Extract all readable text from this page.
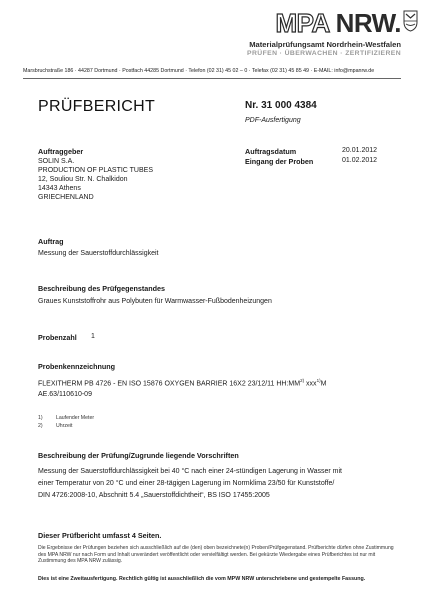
MPA NRW.
Materialprüfungsamt Nordrhein-Westfalen
PRÜFEN · ÜBERWACHEN · ZERTIFIZIEREN
Marsbruchstraße 186 · 44287 Dortmund · Postfach 44285 Dortmund · Telefon (02 31) 45 02 – 0 · Telefax (02 31) 45 85 49 · E-MAIL: info@mpanrw.de
PRÜFBERICHT	Nr. 31 000 4384
PDF-Ausfertigung
Auftraggeber
SOLIN S.A.
PRODUCTION OF PLASTIC TUBES
12, Souliou Str. N. Chalkidon
14343 Athens
GRIECHENLAND
Auftragsdatum	20.01.2012
Eingang der Proben	01.02.2012
Auftrag
Messung der Sauerstoffdurchlässigkeit
Beschreibung des Prüfgegenstandes
Graues Kunststoffrohr aus Polybuten für Warmwasser-Fußbodenheizungen
Probenzahl 1
Probenkennzeichnung
FLEXITHERM PB 4726 - EN ISO 15876 OXYGEN BARRIER 16X2 23/12/11 HH:MM$^{2)}$ xxx$^{1)}$M
AE.63/110610-09
1)	Laufender Meter
2)	Uhrzeit
Beschreibung der Prüfung/Zugrunde liegende Vorschriften
Messung der Sauerstoffdurchlässigkeit bei 40 °C nach einer 24-stündigen Lagerung in Wasser mit
einer Temperatur von 20 °C und einer 28-tägigen Lagerung im Normklima 23/50 für Kunststoffe/
DIN 4726:2008-10, Abschnitt 5.4 „Sauerstoffdichtheit“, BS ISO 17455:2005
Dieser Prüfbericht umfasst 4 Seiten.
Die Ergebnisse der Prüfungen beziehen sich ausschließlich auf die (den) oben bezeichnete(n) Proben/Prüfgegenstand. Prüfberichte dürfen ohne Zustimmung des MPA NRW nur nach Form und Inhalt unverändert veröffentlicht oder vervielfältigt werden. Bei gekürzte Wiedergabe eines Prüfberichtes ist nur mit Zustimmung des MPA NRW zulässig.
Dies ist eine Zweitausfertigung. Rechtlich gültig ist ausschließlich die vom MPW NRW unterschriebene und gestempelte Fassung.
